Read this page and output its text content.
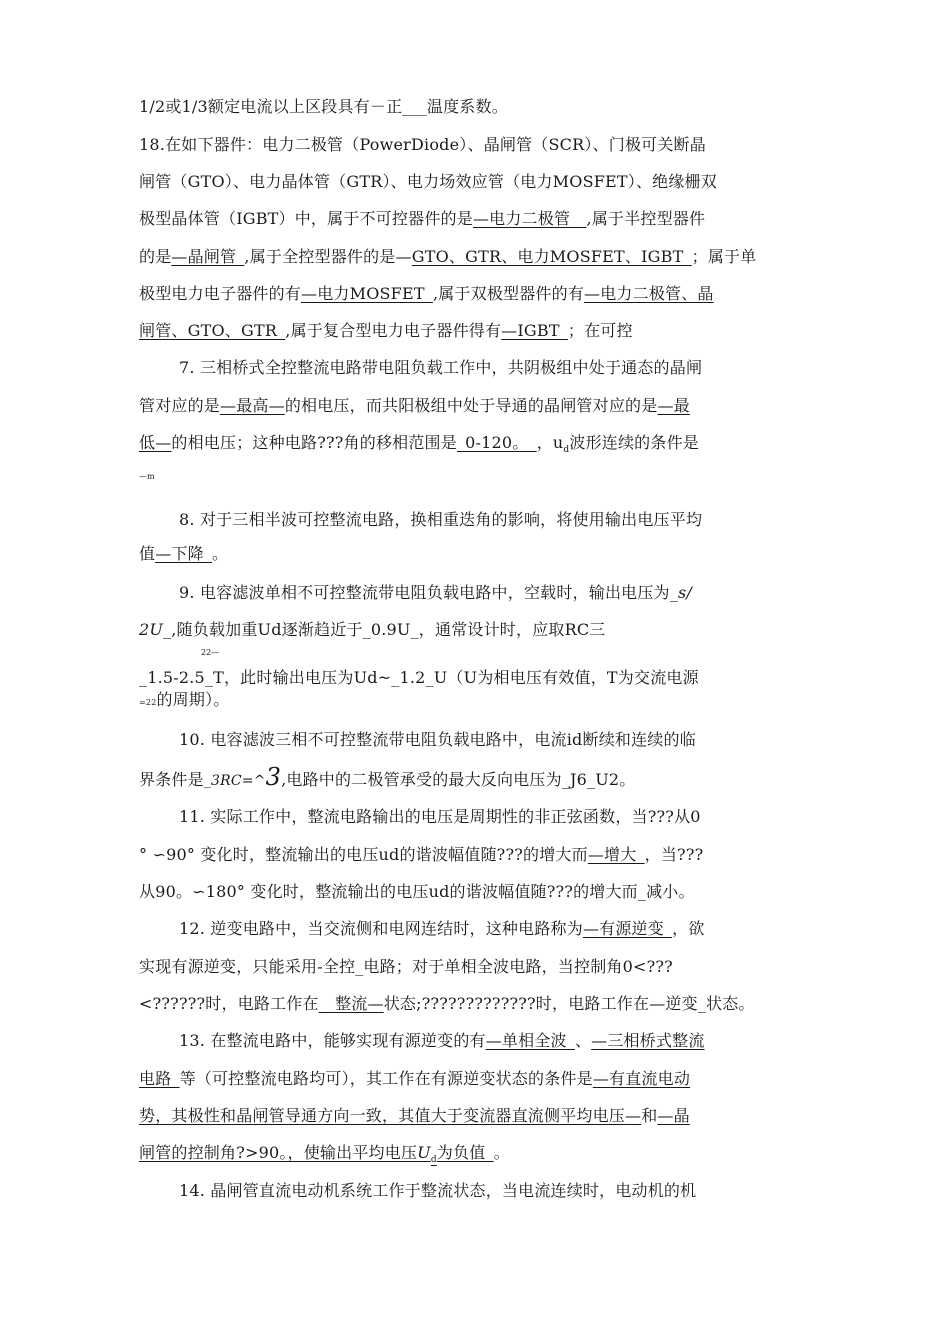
1/2或1/3额定电流以上区段具有－正___温度系数。
18.在如下器件：电力二极管（PowerDiode）、晶闸管（SCR）、门极可关断晶
闸管（GTO）、电力晶体管（GTR）、电力场效应管（电力MOSFET）、绝缘栅双
极型晶体管（IGBT）中，属于不可控器件的是—电力二极管__,属于半控型器件
的是—晶闸管_,属于全控型器件的是—GTO、GTR、电力MOSFET、IGBT_；属于单
极型电力电子器件的有—电力MOSFET_,属于双极型器件的有—电力二极管、晶
闸管、GTO、GTR_,属于复合型电力电子器件得有—IGBT_；在可控
7. 三相桥式全控整流电路带电阻负载工作中，共阴极组中处于通态的晶闸
管对应的是—最高—的相电压，而共阳极组中处于导通的晶闸管对应的是—最
低—的相电压；这种电路???角的移相范围是_0-120。_，$u_d$波形连续的条件是
—m
8. 对于三相半波可控整流电路，换相重迭角的影响，将使用输出电压平均
值—下降_。
9. 电容滤波单相不可控整流带电阻负载电路中，空载时，输出电压为_s/
2U_,随负载加重Ud逐渐趋近于_0.9U_，通常设计时，应取RC三
22—
_1.5-2.5_T，此时输出电压为Ud~_1.2_U（U为相电压有效值，T为交流电源
=22的周期）。
10. 电容滤波三相不可控整流带电阻负载电路中，电流id断续和连续的临
界条件是_3RC=^3,电路中的二极管承受的最大反向电压为_J6_U2。
11. 实际工作中，整流电路输出的电压是周期性的非正弦函数，当???从0
° ∽90° 变化时，整流输出的电压ud的谐波幅值随???的增大而—增大_，当???
从90。∽180° 变化时，整流输出的电压ud的谐波幅值随???的增大而_减小。
12. 逆变电路中，当交流侧和电网连结时，这种电路称为—有源逆变_，欲
实现有源逆变，只能采用-全控_电路；对于单相全波电路，当控制角0<???
<??????时，电路工作在__整流—状态;?????????????时，电路工作在—逆变_状态。
13. 在整流电路中，能够实现有源逆变的有—单相全波_、—三相桥式整流
电路_等（可控整流电路均可），其工作在有源逆变状态的条件是—有直流电动
势，其极性和晶闸管导通方向一致，其值大于变流器直流侧平均电压—和—晶
闸管的控制角?>90。，使输出平均电压$U_d$为负值_。
14. 晶闸管直流电动机系统工作于整流状态，当电流连续时，电动机的机
